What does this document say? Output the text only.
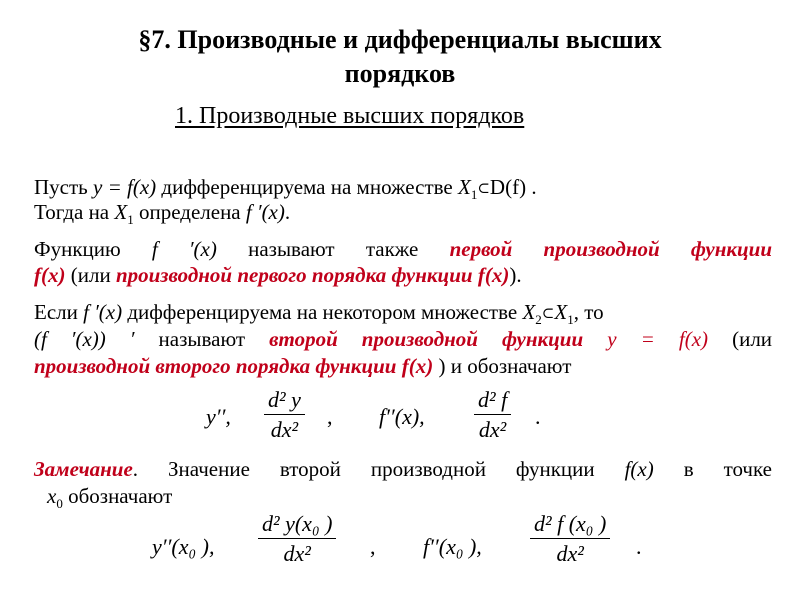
§7. Производные и дифференциалы высших
порядков
1. Производные высших порядков
Пусть y = f(x) дифференцируема на множестве $X_1\subset D(f)$ .
Тогда на $X_1$ определена f ′(x).
Функцию f ′(x) называют также первой производной функции
f(x) (или производной первого порядка функции f(x)).
Если f ′(x) дифференцируема на некотором множестве $X_2\subset X_1$, то
(f ′(x)) ′ называют второй производной функции y = f(x) (или
производной второго порядка функции f(x) ) и обозначают
y′′, $\frac{\text{d² y}}{\text{dx²}}$ , f′′(x), $\frac{\text{d² f}}{\text{dx²}}$ .
Замечание. Значение второй производной функции f(x) в точке
$x_0$ обозначают
y′′(x₀ ), $\frac{\text{d² y(x₀ )}}{\text{dx²}}$ , f′′(x₀ ), $\frac{\text{d² f (x₀ )}}{\text{dx²}}$ .
